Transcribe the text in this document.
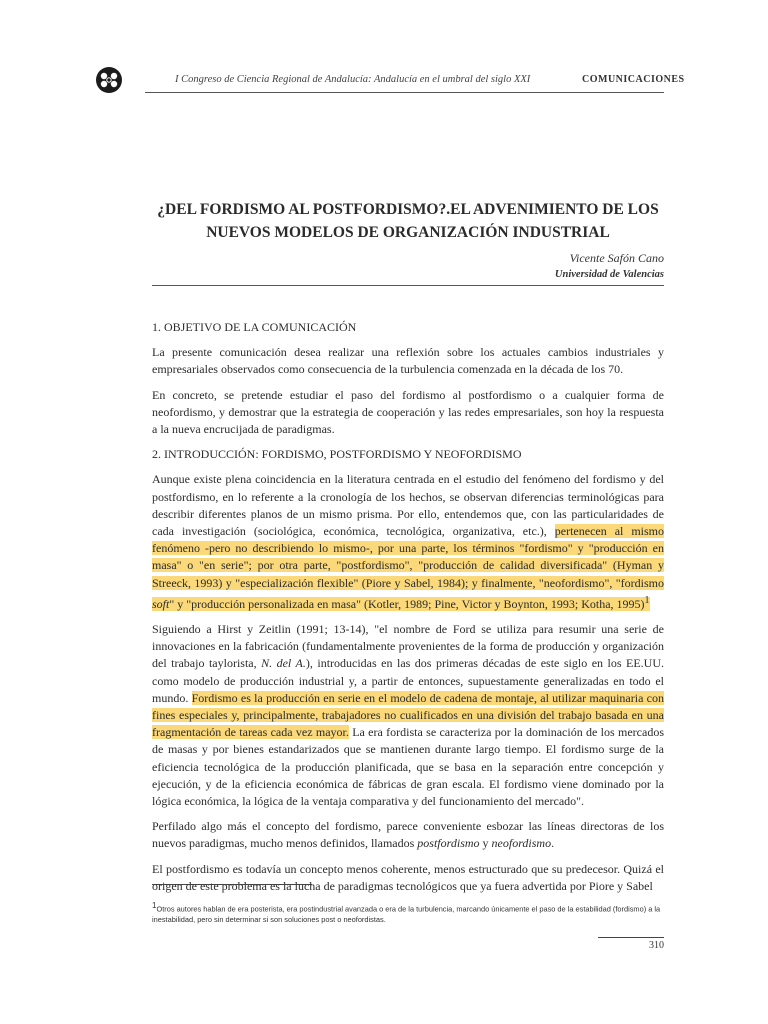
I Congreso de Ciencia Regional de Andalucía: Andalucía en el umbral del siglo XXI	COMUNICACIONES
¿DEL FORDISMO AL POSTFORDISMO?.EL ADVENIMIENTO DE LOS
NUEVOS MODELOS DE ORGANIZACIÓN INDUSTRIAL
Vicente Safón Cano
Universidad de Valencias
1. OBJETIVO DE LA COMUNICACIÓN

La presente comunicación desea realizar una reflexión sobre los actuales cambios industriales y empresariales observados como consecuencia de la turbulencia comenzada en la década de los 70.

En concreto, se pretende estudiar el paso del fordismo al postfordismo o a cualquier forma de neofordismo, y demostrar que la estrategia de cooperación y las redes empresariales, son hoy la respuesta a la nueva encrucijada de paradigmas.

2. INTRODUCCIÓN: FORDISMO, POSTFORDISMO Y NEOFORDISMO

Aunque existe plena coincidencia en la literatura centrada en el estudio del fenómeno del fordismo y del postfordismo, en lo referente a la cronología de los hechos, se observan diferencias terminológicas para describir diferentes planos de un mismo prisma. Por ello, entendemos que, con las particularidades de cada investigación (sociológica, económica, tecnológica, organizativa, etc.), pertenecen al mismo fenómeno -pero no describiendo lo mismo-, por una parte, los términos "fordismo" y "producción en masa" o "en serie"; por otra parte, "postfordismo", "producción de calidad diversificada" (Hyman y Streeck, 1993) y "especialización flexible" (Piore y Sabel, 1984); y finalmente, "neofordismo", "fordismo soft" y "producción personalizada en masa" (Kotler, 1989; Pine, Victor y Boynton, 1993; Kotha, 1995)$^1$

Siguiendo a Hirst y Zeitlin (1991; 13-14), "el nombre de Ford se utiliza para resumir una serie de innovaciones en la fabricación (fundamentalmente provenientes de la forma de producción y organización del trabajo taylorista, N. del A.), introducidas en las dos primeras décadas de este siglo en los EE.UU. como modelo de producción industrial y, a partir de entonces, supuestamente generalizadas en todo el mundo. Fordismo es la producción en serie en el modelo de cadena de montaje, al utilizar maquinaria con fines especiales y, principalmente, trabajadores no cualificados en una división del trabajo basada en una fragmentación de tareas cada vez mayor. La era fordista se caracteriza por la dominación de los mercados de masas y por bienes estandarizados que se mantienen durante largo tiempo. El fordismo surge de la eficiencia tecnológica de la producción planificada, que se basa en la separación entre concepción y ejecución, y de la eficiencia económica de fábricas de gran escala. El fordismo viene dominado por la lógica económica, la lógica de la ventaja comparativa y del funcionamiento del mercado".

Perfilado algo más el concepto del fordismo, parece conveniente esbozar las líneas directoras de los nuevos paradigmas, mucho menos definidos, llamados postfordismo y neofordismo.

El postfordismo es todavía un concepto menos coherente, menos estructurado que su predecesor. Quizá el origen de este problema es la lucha de paradigmas tecnológicos que ya fuera advertida por Piore y Sabel

$^1$Otros autores hablan de era posterista, era postindustrial avanzada o era de la turbulencia, marcando únicamente el paso de la estabilidad (fordismo) a la inestabilidad, pero sin determinar si son soluciones post o neofordistas.
310
